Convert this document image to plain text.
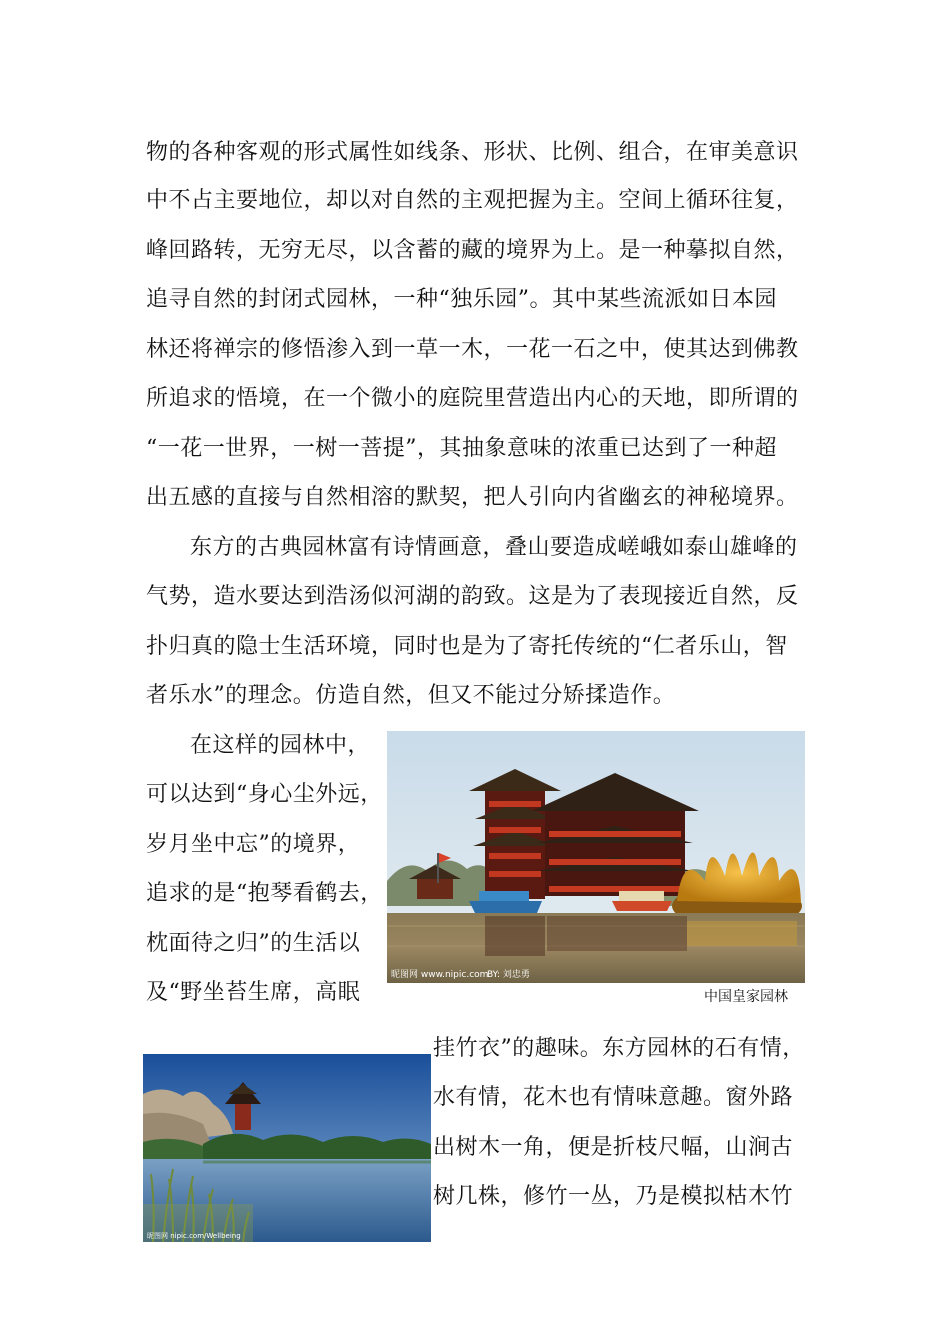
物的各种客观的形式属性如线条、形状、比例、组合，在审美意识
中不占主要地位，却以对自然的主观把握为主。空间上循环往复，
峰回路转，无穷无尽，以含蓄的藏的境界为上。是一种摹拟自然，
追寻自然的封闭式园林，一种“独乐园”。其中某些流派如日本园
林还将禅宗的修悟渗入到一草一木，一花一石之中，使其达到佛教
所追求的悟境，在一个微小的庭院里营造出内心的天地，即所谓的
“一花一世界，一树一菩提”，其抽象意味的浓重已达到了一种超
出五感的直接与自然相溶的默契，把人引向内省幽玄的神秘境界。
东方的古典园林富有诗情画意，叠山要造成嵯峨如泰山雄峰的
气势，造水要达到浩汤似河湖的韵致。这是为了表现接近自然，反
扑归真的隐士生活环境，同时也是为了寄托传统的“仁者乐山，智
者乐水”的理念。仿造自然，但又不能过分矫揉造作。
在这样的园林中，
可以达到“身心尘外远，
岁月坐中忘”的境界，
追求的是“抱琴看鹤去，
枕面待之归”的生活以
及“野坐苔生席，高眠
昵图网 www.nipic.com
BY: 刘忠勇
中国皇家园林
昵图网 nipic.com/Wellbeing
挂竹衣”的趣味。东方园林的石有情，
水有情，花木也有情味意趣。窗外路
出树木一角，便是折枝尺幅，山涧古
树几株，修竹一丛，乃是模拟枯木竹
